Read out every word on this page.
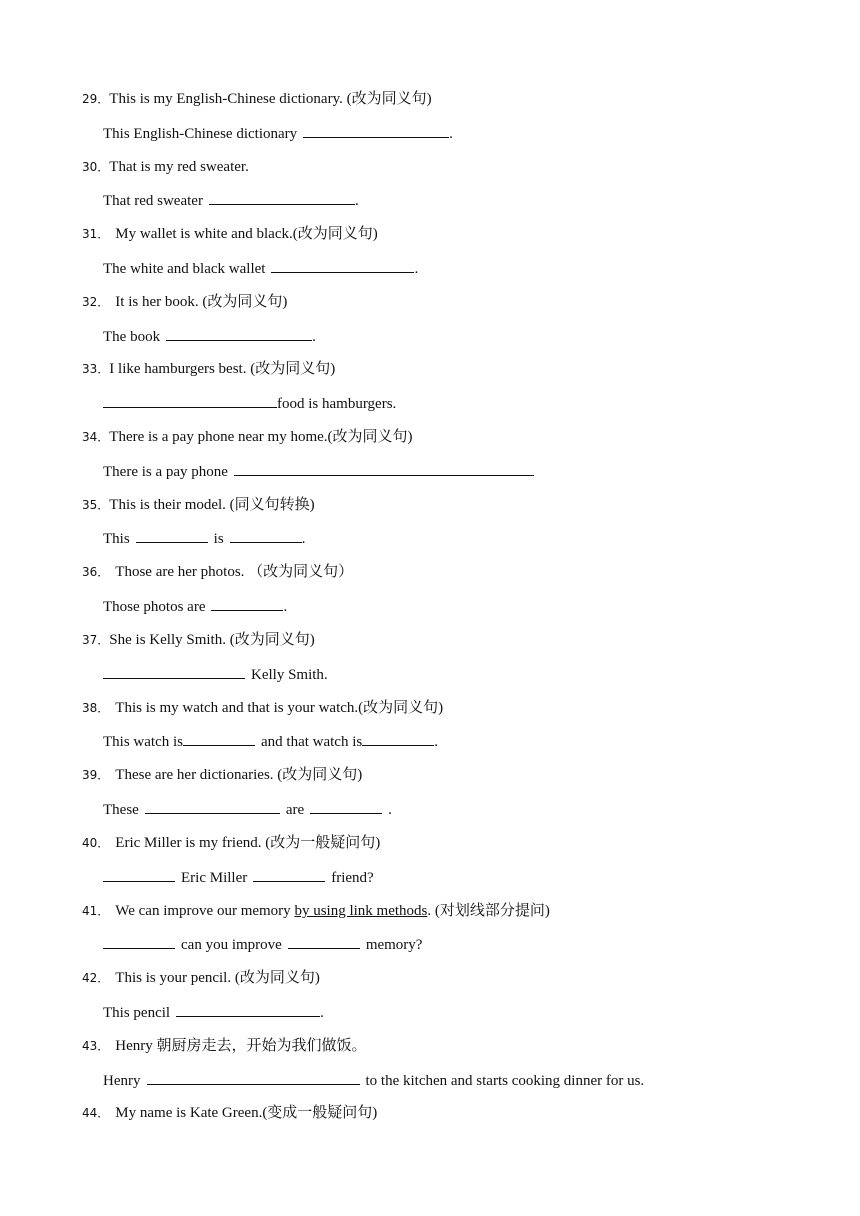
29．This is my English-Chinese dictionary. (改为同义句)
This English-Chinese dictionary	.
30．That is my red sweater.
That red sweater	.
31． My wallet is white and black.(改为同义句)
The white and black wallet	.
32． It is her book. (改为同义句)
The book	.
33．I like hamburgers best. (改为同义句)
food is hamburgers.
34．There is a pay phone near my home.(改为同义句)
There is a pay phone
35．This is their model. (同义句转换)
This	is	.
36． Those are her photos. （改为同义句）
Those photos are	.
37．She is Kelly Smith. (改为同义句)
Kelly Smith.
38． This is my watch and that is your watch.(改为同义句)
This watch is	and that watch is	.
39． These are her dictionaries. (改为同义句)
These	are	.
40． Eric Miller is my friend. (改为一般疑问句)
Eric Miller	friend?
41． We can improve our memory by using link methods. (对划线部分提问)
can you improve	memory?
42． This is your pencil. (改为同义句)
This pencil	.
43． Henry 朝厨房走去，开始为我们做饭。
Henry	to the kitchen and starts cooking dinner for us.
44． My name is Kate Green.(变成一般疑问句)
